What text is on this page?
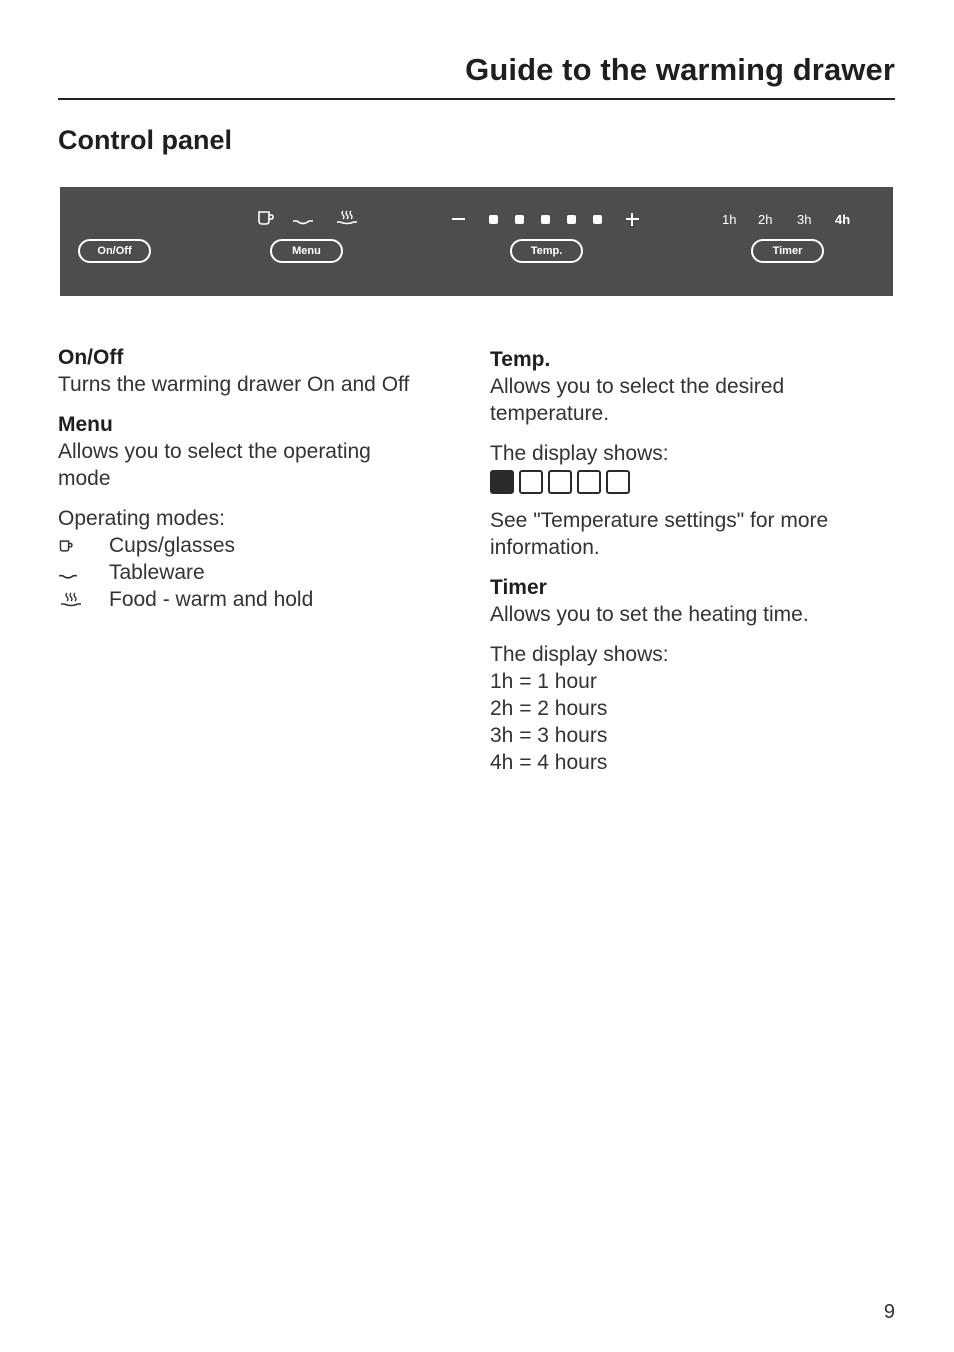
Guide to the warming drawer
Control panel
On/Off	Menu	Temp.
1h 2h 3h 4h
Timer
On/Off

Turns the warming drawer On and Off

Menu

Allows you to select the operating mode

Operating modes:

Cups/glasses
Tableware
Food - warm and hold
Temp.

Allows you to select the desired temperature.

The display shows:

See "Temperature settings" for more information.

Timer

Allows you to set the heating time.

The display shows:

1h = 1 hour

2h = 2 hours

3h = 3 hours

4h = 4 hours

9
